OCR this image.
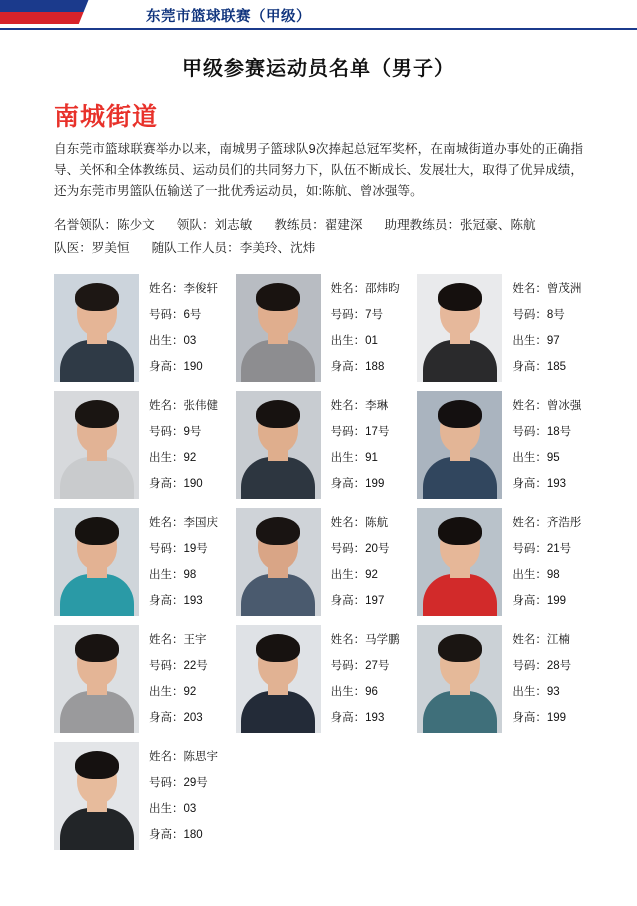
东莞市篮球联赛（甲级）
甲级参赛运动员名单（男子）
南城街道
自东莞市篮球联赛举办以来，南城男子篮球队9次捧起总冠军奖杯，在南城街道办事处的正确指导、关怀和全体教练员、运动员们的共同努力下，队伍不断成长、发展壮大，取得了优异成绩，还为东莞市男篮队伍输送了一批优秀运动员，如:陈航、曾冰强等。
名誉领队：陈少文 领队：刘志敏 教练员：翟建深 助理教练员：张冠豪、陈航
队医：罗美恒 随队工作人员：李美玲、沈炜
姓名：李俊轩
号码：6号
出生：03
身高：190
姓名：邵炜昀
号码：7号
出生：01
身高：188
姓名：曾茂洲
号码：8号
出生：97
身高：185
姓名：张伟健
号码：9号
出生：92
身高：190
姓名：李琳
号码：17号
出生：91
身高：199
姓名：曾冰强
号码：18号
出生：95
身高：193
姓名：李国庆
号码：19号
出生：98
身高：193
姓名：陈航
号码：20号
出生：92
身高：197
姓名：齐浩彤
号码：21号
出生：98
身高：199
姓名：王宇
号码：22号
出生：92
身高：203
姓名：马学鹏
号码：27号
出生：96
身高：193
姓名：江楠
号码：28号
出生：93
身高：199
姓名：陈思宇
号码：29号
出生：03
身高：180
